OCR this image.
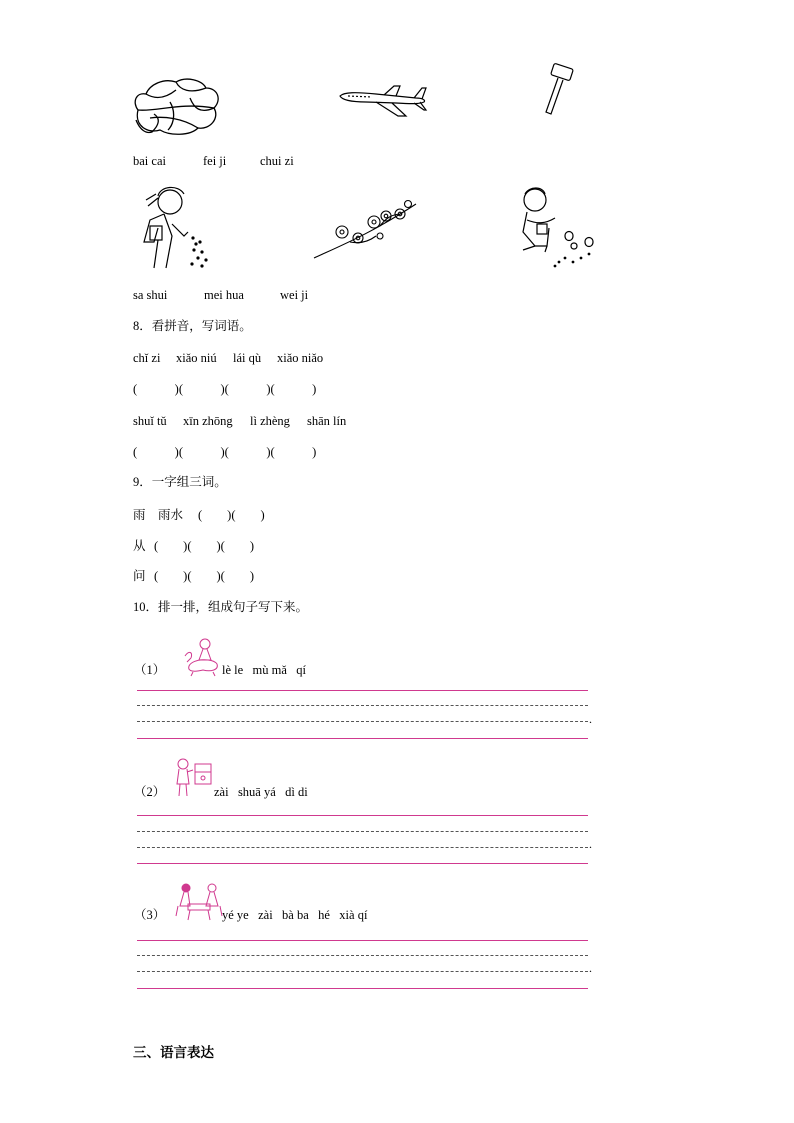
bai cai	fei ji	chui zi
sa shui	mei hua	wei ji
8．看拼音，写词语。
chǐ zi xiǎo niú lái qù xiǎo niǎo
(　　　)(　　　)(　　　)(　　　)
shuǐ tǔ xīn zhōng lì zhèng shān lín
(　　　)(　　　)(　　　)(　　　)
9．一字组三词。
雨 雨水 (　　)(　　)
从 (　　)(　　)(　　)
问 (　　)(　　)(　　)
10．排一排，组成句子写下来。
（1）	lè le   mù mǎ   qí
.
（2）	zài   shuā yá   dì di
.
（3）	yé ye   zài   bà ba   hé   xià qí
.
三、语言表达
